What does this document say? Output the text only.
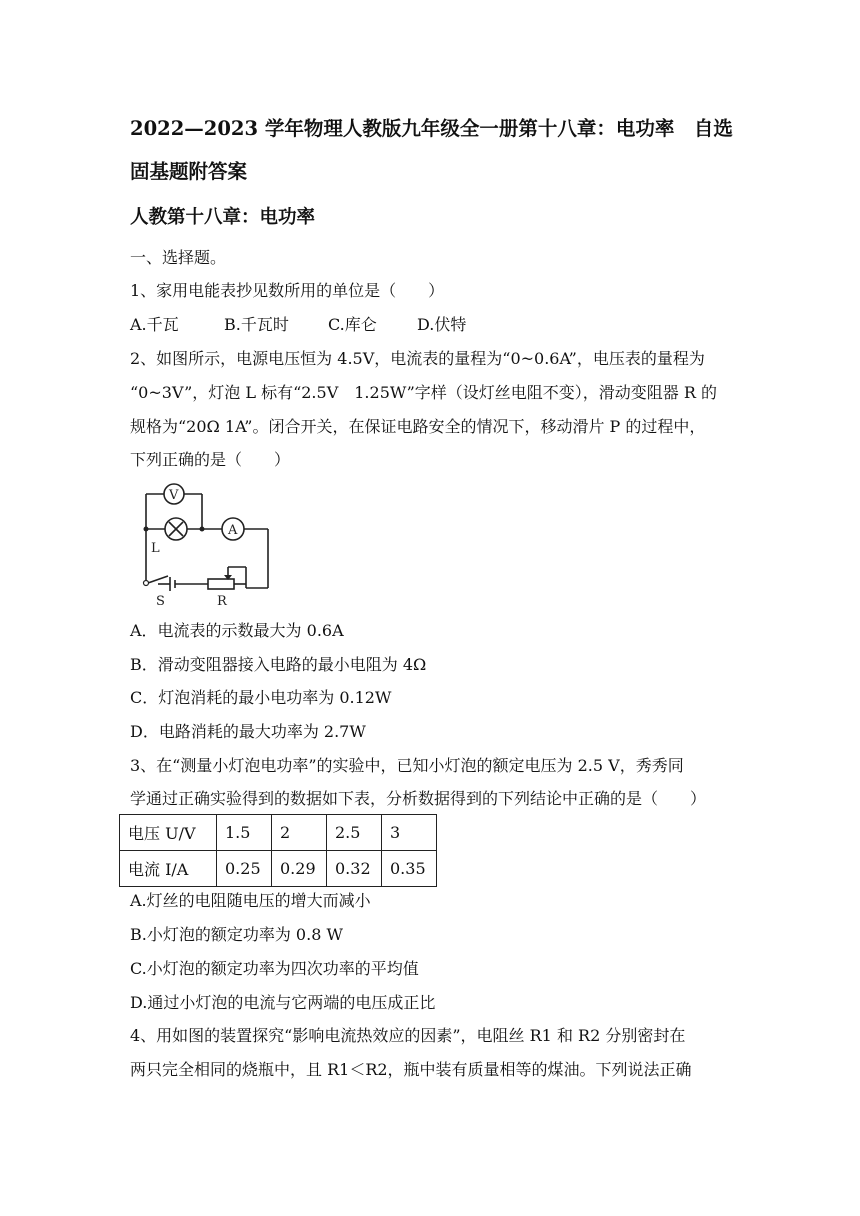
2022—2023 学年物理人教版九年级全一册第十八章：电功率　自选
固基题附答案
人教第十八章：电功率
一、选择题。
1、家用电能表抄见数所用的单位是（　　）
A.千瓦	B.千瓦时 C.库仑	D.伏特
2、如图所示，电源电压恒为 4.5V，电流表的量程为“0~0.6A”，电压表的量程为
“0~3V”，灯泡 L 标有“2.5V　1.25W”字样（设灯丝电阻不变），滑动变阻器 R 的
规格为“20Ω 1A”。闭合开关，在保证电路安全的情况下，移动滑片 P 的过程中，
下列正确的是（　　）
V
A
L
S	R
A．电流表的示数最大为 0.6A
B．滑动变阻器接入电路的最小电阻为 4Ω
C．灯泡消耗的最小电功率为 0.12W
D．电路消耗的最大功率为 2.7W
3、在“测量小灯泡电功率”的实验中，已知小灯泡的额定电压为 2.5 V，秀秀同
学通过正确实验得到的数据如下表，分析数据得到的下列结论中正确的是（　　）
电压 U/V	1.5	2	2.5	3
电流 I/A	0.25	0.29	0.32	0.35
A.灯丝的电阻随电压的增大而减小
B.小灯泡的额定功率为 0.8 W
C.小灯泡的额定功率为四次功率的平均值
D.通过小灯泡的电流与它两端的电压成正比
4、用如图的装置探究“影响电流热效应的因素”，电阻丝 R1 和 R2 分别密封在
两只完全相同的烧瓶中，且 R1＜R2，瓶中装有质量相等的煤油。下列说法正确
